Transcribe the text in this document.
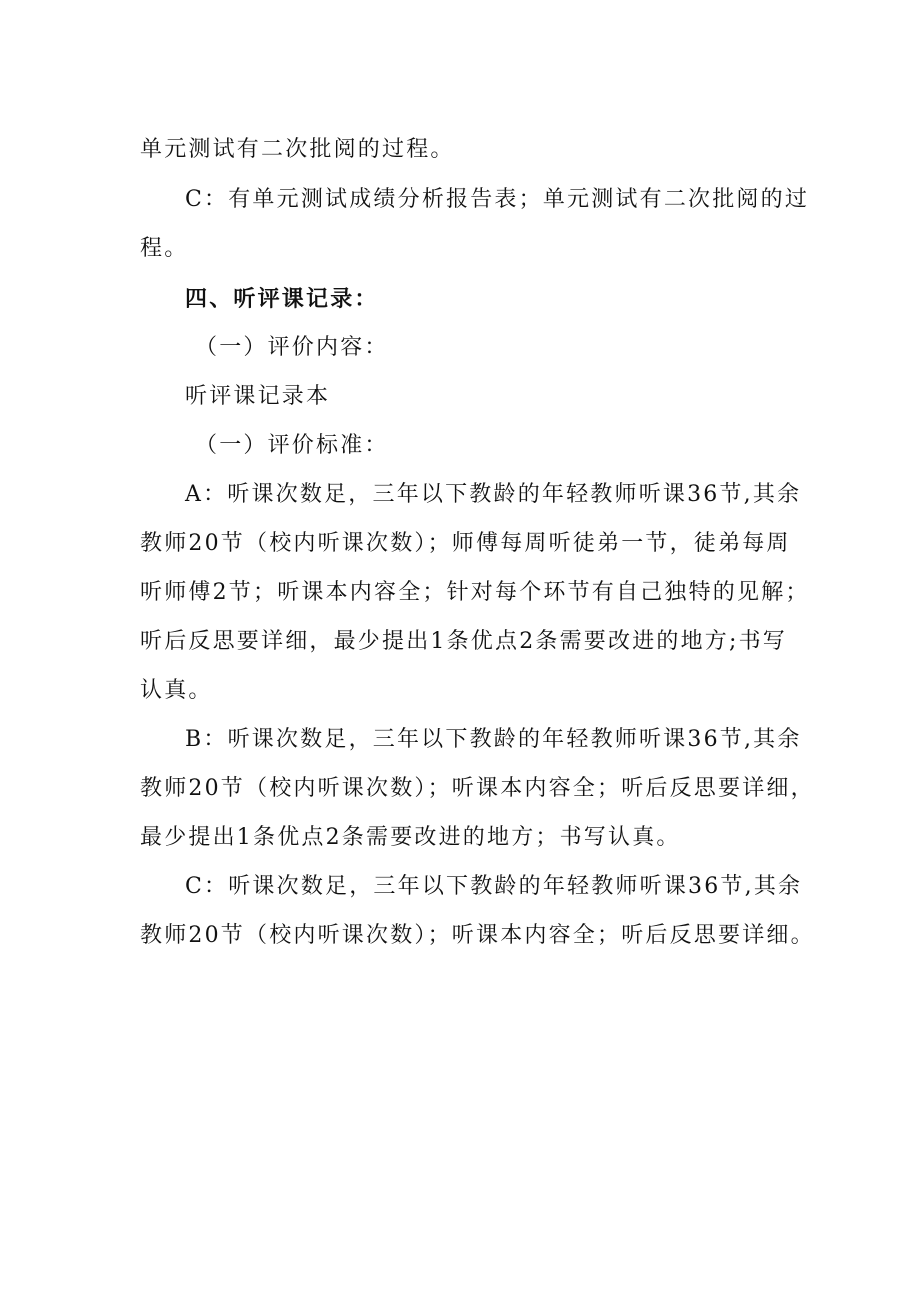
单元测试有二次批阅的过程。
C：有单元测试成绩分析报告表；单元测试有二次批阅的过
程。
四、听评课记录：
（一）评价内容：
听评课记录本
（一）评价标准：
A：听课次数足，三年以下教龄的年轻教师听课36节,其余
教师20节（校内听课次数）；师傅每周听徒弟一节，徒弟每周
听师傅2节；听课本内容全；针对每个环节有自己独特的见解；
听后反思要详细，最少提出1条优点2条需要改进的地方;书写
认真。
B：听课次数足，三年以下教龄的年轻教师听课36节,其余
教师20节（校内听课次数）；听课本内容全；听后反思要详细，
最少提出1条优点2条需要改进的地方；书写认真。
C：听课次数足，三年以下教龄的年轻教师听课36节,其余
教师20节（校内听课次数）；听课本内容全；听后反思要详细。
